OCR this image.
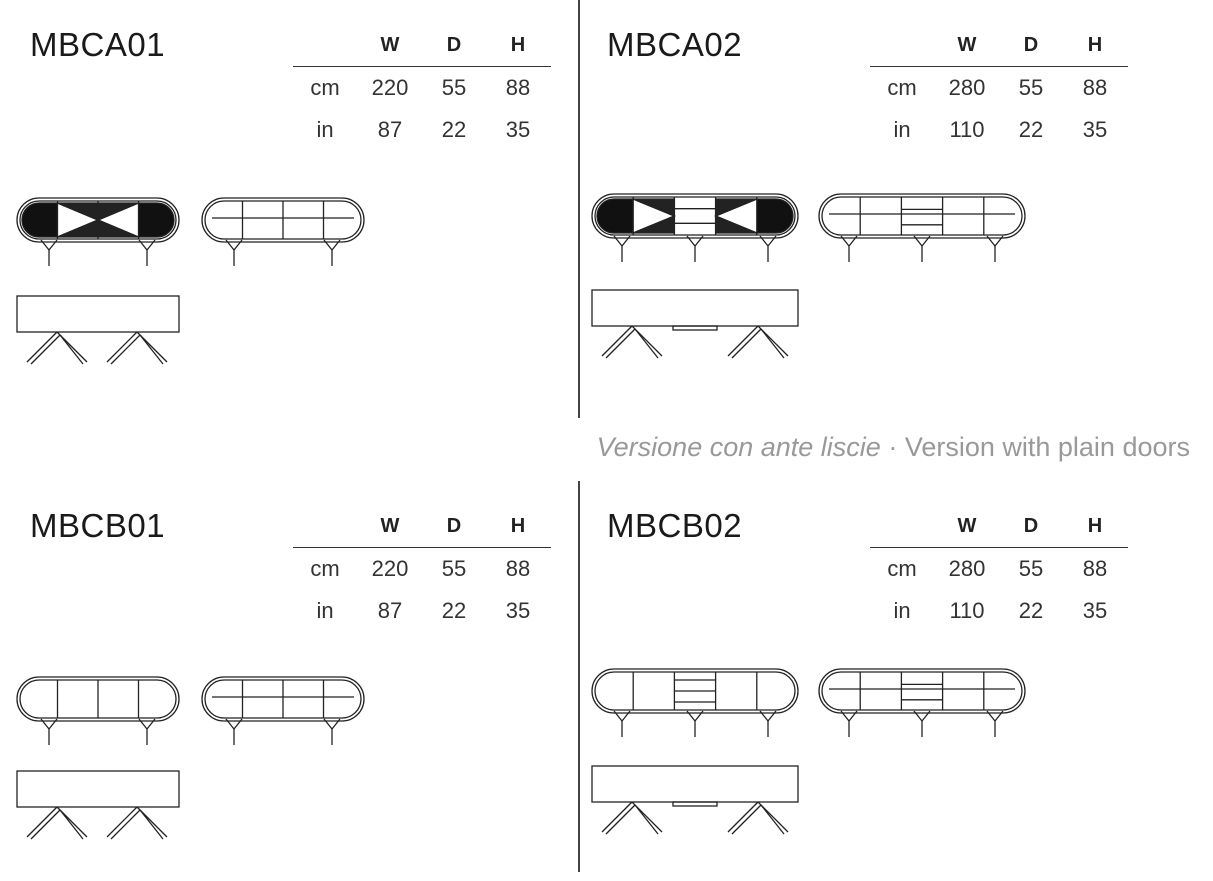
MBCA01	W	D	H
cm	220	55	88
in	87	22	35
MBCA02	W	D	H
cm	280	55	88
in	110	22	35
MBCB01	W	D	H
cm	220	55	88
in	87	22	35
MBCB02	W	D	H
cm	280	55	88
in	110	22	35
Versione con ante liscie · Version with plain doors
